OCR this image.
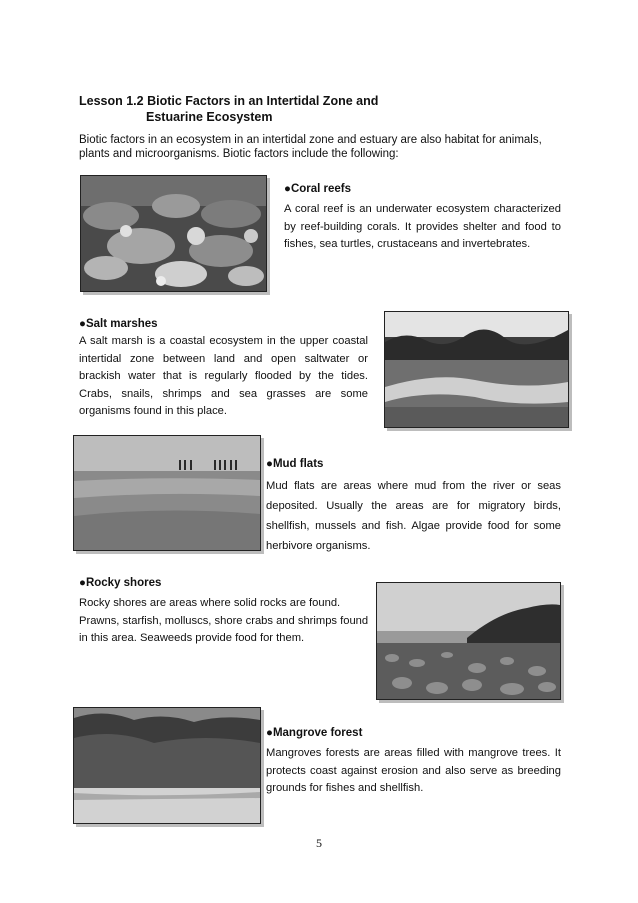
Lesson 1.2 Biotic Factors in an Intertidal Zone and
Estuarine Ecosystem
Biotic factors in an ecosystem in an intertidal zone and estuary are also habitat for animals, plants and microorganisms. Biotic factors include the following:
●Coral reefs
A coral reef is an underwater ecosystem characterized by reef-building corals. It provides shelter and food to fishes, sea turtles, crustaceans and invertebrates.
●Salt marshes
A salt marsh is a coastal ecosystem in the upper coastal intertidal zone between land and open saltwater or brackish water that is regularly flooded by the tides. Crabs, snails, shrimps and sea grasses are some organisms found in this place.
●Mud flats
Mud flats are areas where mud from the river or seas deposited. Usually the areas are for migratory birds, shellfish, mussels and fish. Algae provide food for some herbivore organisms.
●Rocky shores
Rocky shores are areas where solid rocks are found. Prawns, starfish, molluscs, shore crabs and shrimps found in this area. Seaweeds provide food for them.
●Mangrove forest
Mangroves forests are areas filled with mangrove trees. It protects coast against erosion and also serve as breeding grounds for fishes and shellfish.
5
